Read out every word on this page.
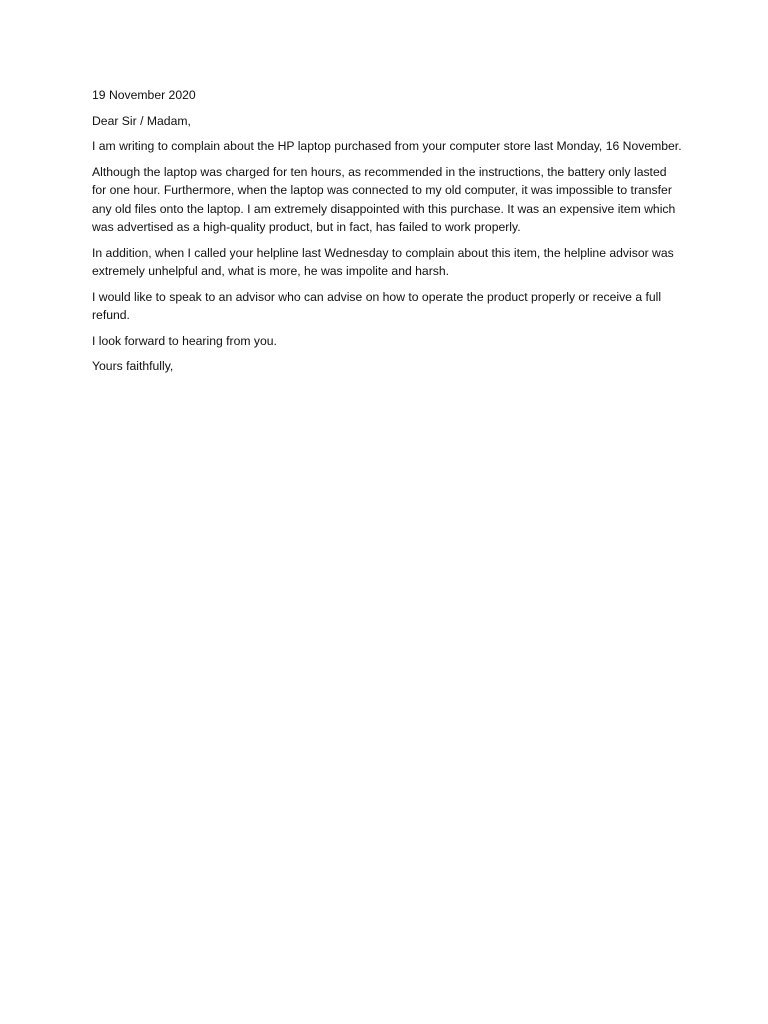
19 November 2020

Dear Sir / Madam,

I am writing to complain about the HP laptop purchased from your computer store last Monday, 16 November.

Although the laptop was charged for ten hours, as recommended in the instructions, the battery only lasted for one hour. Furthermore, when the laptop was connected to my old computer, it was impossible to transfer any old files onto the laptop. I am extremely disappointed with this purchase. It was an expensive item which was advertised as a high-quality product, but in fact, has failed to work properly.

In addition, when I called your helpline last Wednesday to complain about this item, the helpline advisor was extremely unhelpful and, what is more, he was impolite and harsh.

I would like to speak to an advisor who can advise on how to operate the product properly or receive a full refund.

I look forward to hearing from you.

Yours faithfully,
